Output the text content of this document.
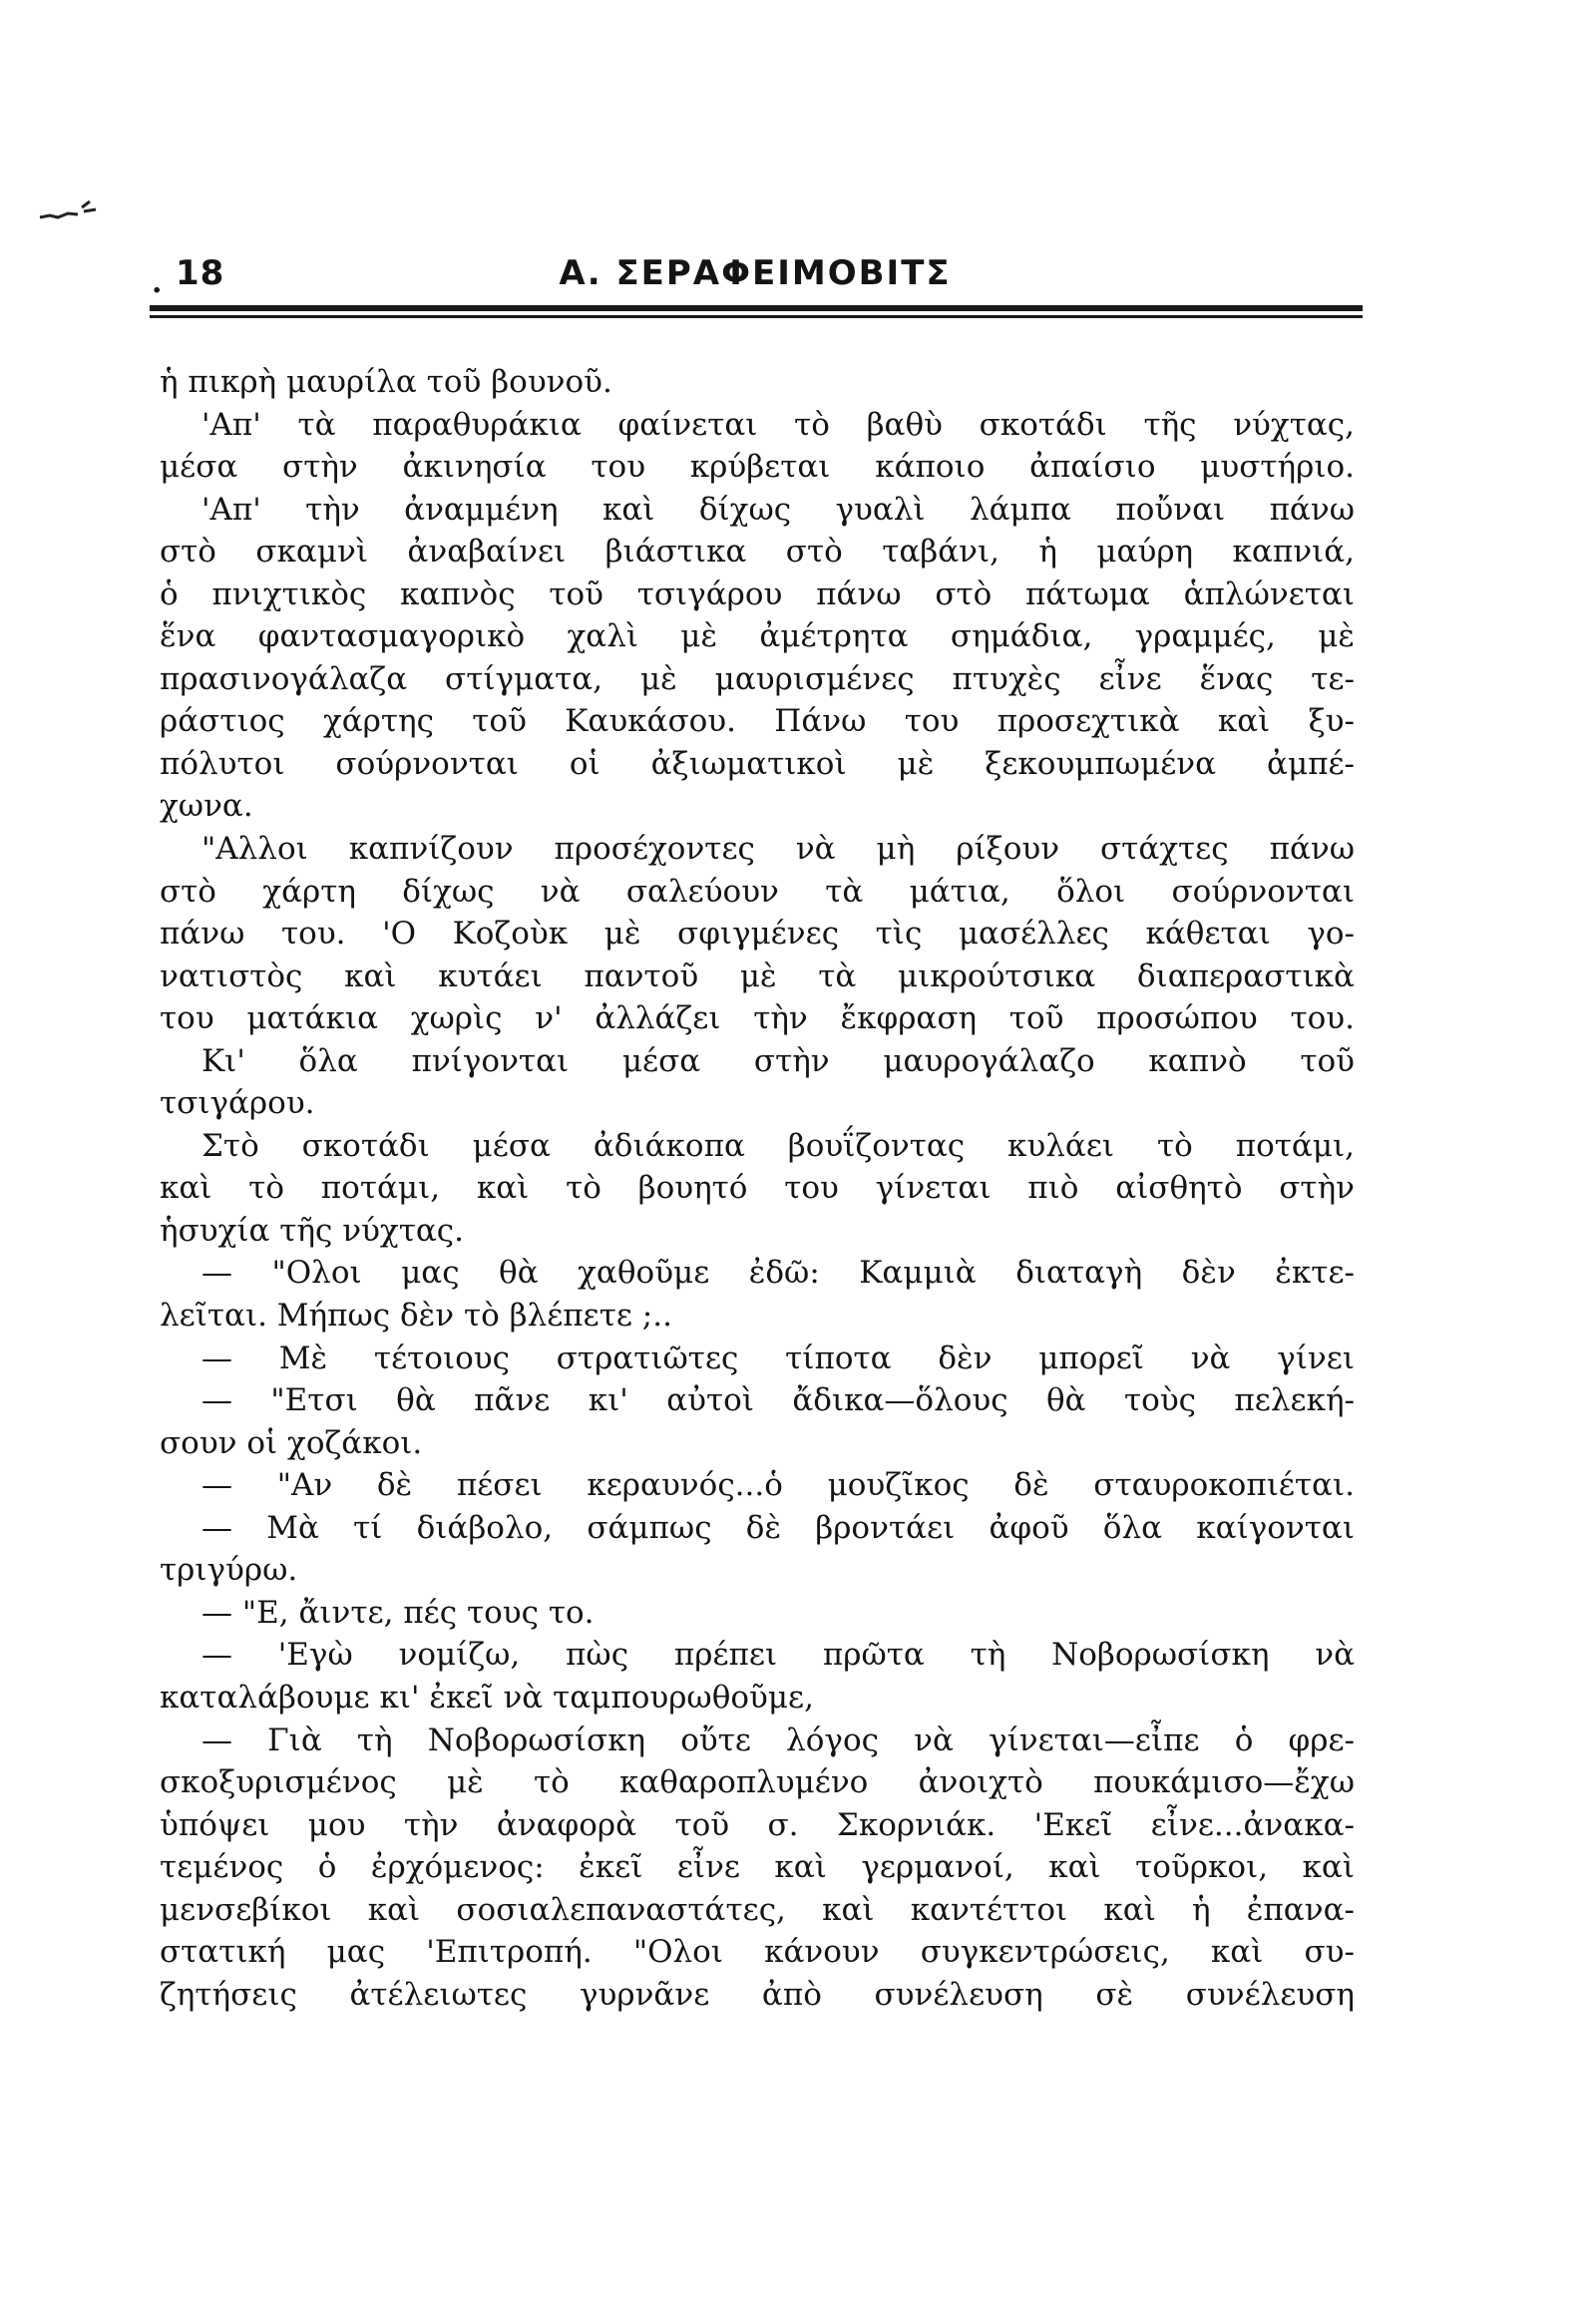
. 18	Α. ΣΕΡΑΦΕΙΜΟΒΙΤΣ
ἡ πικρὴ μαυρίλα τοῦ βουνοῦ.
'Απ' τὰ παραθυράκια φαίνεται τὸ βαθὺ σκοτάδι τῆς νύχτας,
μέσα στὴν ἀκινησία του κρύβεται κάποιο ἀπαίσιο μυστήριο.
'Απ' τὴν ἀναμμένη καὶ δίχως γυαλὶ λάμπα ποὔναι πάνω
στὸ σκαμνὶ ἀναβαίνει βιάστικα στὸ ταβάνι, ἡ μαύρη καπνιά,
ὁ πνιχτικὸς καπνὸς τοῦ τσιγάρου πάνω στὸ πάτωμα ἁπλώνεται
ἕνα φαντασμαγορικὸ χαλὶ μὲ ἀμέτρητα σημάδια, γραμμές, μὲ
πρασινογάλαζα στίγματα, μὲ μαυρισμένες πτυχὲς εἶνε ἕνας τε-
ράστιος χάρτης τοῦ Καυκάσου. Πάνω του προσεχτικὰ καὶ ξυ-
πόλυτοι σούρνονται οἱ ἀξιωματικοὶ μὲ ξεκουμπωμένα ἀμπέ-
χωνα.
"Αλλοι καπνίζουν προσέχοντες νὰ μὴ ρίξουν στάχτες πάνω
στὸ χάρτη δίχως νὰ σαλεύουν τὰ μάτια, ὅλοι σούρνονται
πάνω του. 'Ο Κοζοὺκ μὲ σφιγμένες τὶς μασέλλες κάθεται γο-
νατιστὸς καὶ κυτάει παντοῦ μὲ τὰ μικρούτσικα διαπεραστικὰ
του ματάκια χωρὶς ν' ἀλλάζει τὴν ἔκφραση τοῦ προσώπου του.
Κι' ὅλα πνίγονται μέσα στὴν μαυρογάλαζο καπνὸ τοῦ
τσιγάρου.
Στὸ σκοτάδι μέσα ἀδιάκοπα βουΐζοντας κυλάει τὸ ποτάμι,
καὶ τὸ ποτάμι, καὶ τὸ βουητό του γίνεται πιὸ αἰσθητὸ στὴν
ἡσυχία τῆς νύχτας.
— "Ολοι μας θὰ χαθοῦμε ἐδῶ: Καμμιὰ διαταγὴ δὲν ἐκτε-
λεῖται. Μήπως δὲν τὸ βλέπετε ;..
— Μὲ τέτοιους στρατιῶτες τίποτα δὲν μπορεῖ νὰ γίνει
— "Ετσι θὰ πᾶνε κι' αὐτοὶ ἄδικα—ὅλους θὰ τοὺς πελεκή-
σουν οἱ χοζάκοι.
— "Αν δὲ πέσει κεραυνός...ὁ μουζῖκος δὲ σταυροκοπιέται.
— Μὰ τί διάβολο, σάμπως δὲ βροντάει ἀφοῦ ὅλα καίγονται
τριγύρω.
— "Ε, ἄιντε, πές τους το.
— 'Εγὼ νομίζω, πὼς πρέπει πρῶτα τὴ Νοβορωσίσκη νὰ
καταλάβουμε κι' ἐκεῖ νὰ ταμπουρωθοῦμε,
— Γιὰ τὴ Νοβορωσίσκη οὔτε λόγος νὰ γίνεται—εἶπε ὁ φρε-
σκοξυρισμένος μὲ τὸ καθαροπλυμένο ἀνοιχτὸ πουκάμισο—ἔχω
ὑπόψει μου τὴν ἀναφορὰ τοῦ σ. Σκορνιάκ. 'Εκεῖ εἶνε...ἀνακα-
τεμένος ὁ ἐρχόμενος: ἐκεῖ εἶνε καὶ γερμανοί, καὶ τοῦρκοι, καὶ
μενσεβίκοι καὶ σοσιαλεπαναστάτες, καὶ καντέττοι καὶ ἡ ἐπανα-
στατική μας 'Επιτροπή. "Ολοι κάνουν συγκεντρώσεις, καὶ συ-
ζητήσεις ἀτέλειωτες γυρνᾶνε ἀπὸ συνέλευση σὲ συνέλευση
